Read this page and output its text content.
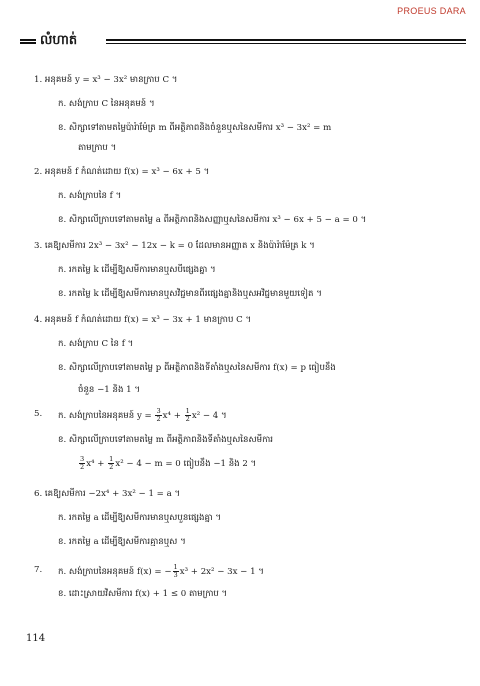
PROEUS DARA
លំហាត់
1. អនុគមន៍ y = x³ − 3x² មានក្រាប C ។
ក. សង់ក្រាប C នៃអនុគមន៍ ។
ខ. សិក្សាទៅតាមតម្លៃប៉ារ៉ាម៉ែត្រ m ពីអត្ថិភាពនិងចំនួនឬសនៃសមីការ x³ − 3x² = m
តាមក្រាប ។
2. អនុគមន៍ f កំណត់ដោយ f(x) = x³ − 6x + 5 ។
ក. សង់ក្រាបនៃ f ។
ខ. សិក្សាលើក្រាបទៅតាមតម្លៃ a ពីអត្ថិភាពនិងសញ្ញាឬសនៃសមីការ x³ − 6x + 5 − a = 0 ។
3. គេឱ្យសមីការ 2x³ − 3x² − 12x − k = 0 ដែលមានអញ្ញាត x និងប៉ារ៉ាម៉ែត្រ k ។
ក. រកតម្លៃ k ដើម្បីឱ្យសមីការមានឬសបីផ្សេងគ្នា ។
ខ. រកតម្លៃ k ដើម្បីឱ្យសមីការមានឬសវិជ្ជមានពីរផ្សេងគ្នានិងឬសអវិជ្ជមានមួយទៀត ។
4. អនុគមន៍ f កំណត់ដោយ f(x) = x³ − 3x + 1 មានក្រាប C ។
ក. សង់ក្រាប C នៃ f ។
ខ. សិក្សាលើក្រាបទៅតាមតម្លៃ p ពីអត្ថិភាពនិងទីតាំងឬសនៃសមីការ f(x) = p ធៀបនឹង
ចំនួន −1 និង 1 ។
5. ក. សង់ក្រាបនៃអនុគមន៍ $y = \frac{3}{2} x^4 + \frac{1}{2} x^2 - 4$ ។
ខ. សិក្សាលើក្រាបទៅតាមតម្លៃ m ពីអត្ថិភាពនិងទីតាំងឬសនៃសមីការ
$\frac{3}{2} x^4 + \frac{1}{2} x^2 - 4 - m = 0$ ធៀបនឹង −1 និង 2 ។
6. គេឱ្យសមីការ −2x⁴ + 3x² − 1 = a ។
ក. រកតម្លៃ a ដើម្បីឱ្យសមីការមានឬសបួនផ្សេងគ្នា ។
ខ. រកតម្លៃ a ដើម្បីឱ្យសមីការគ្មានឬស ។
7. ក. សង់ក្រាបនៃអនុគមន៍ f(x) = − $\frac{1}{3} x^3 + 2x^2 - 3x - 1$ ។
ខ. ដោះស្រាយវិសមីការ f(x) + 1 ≤ 0 តាមក្រាប ។
114
